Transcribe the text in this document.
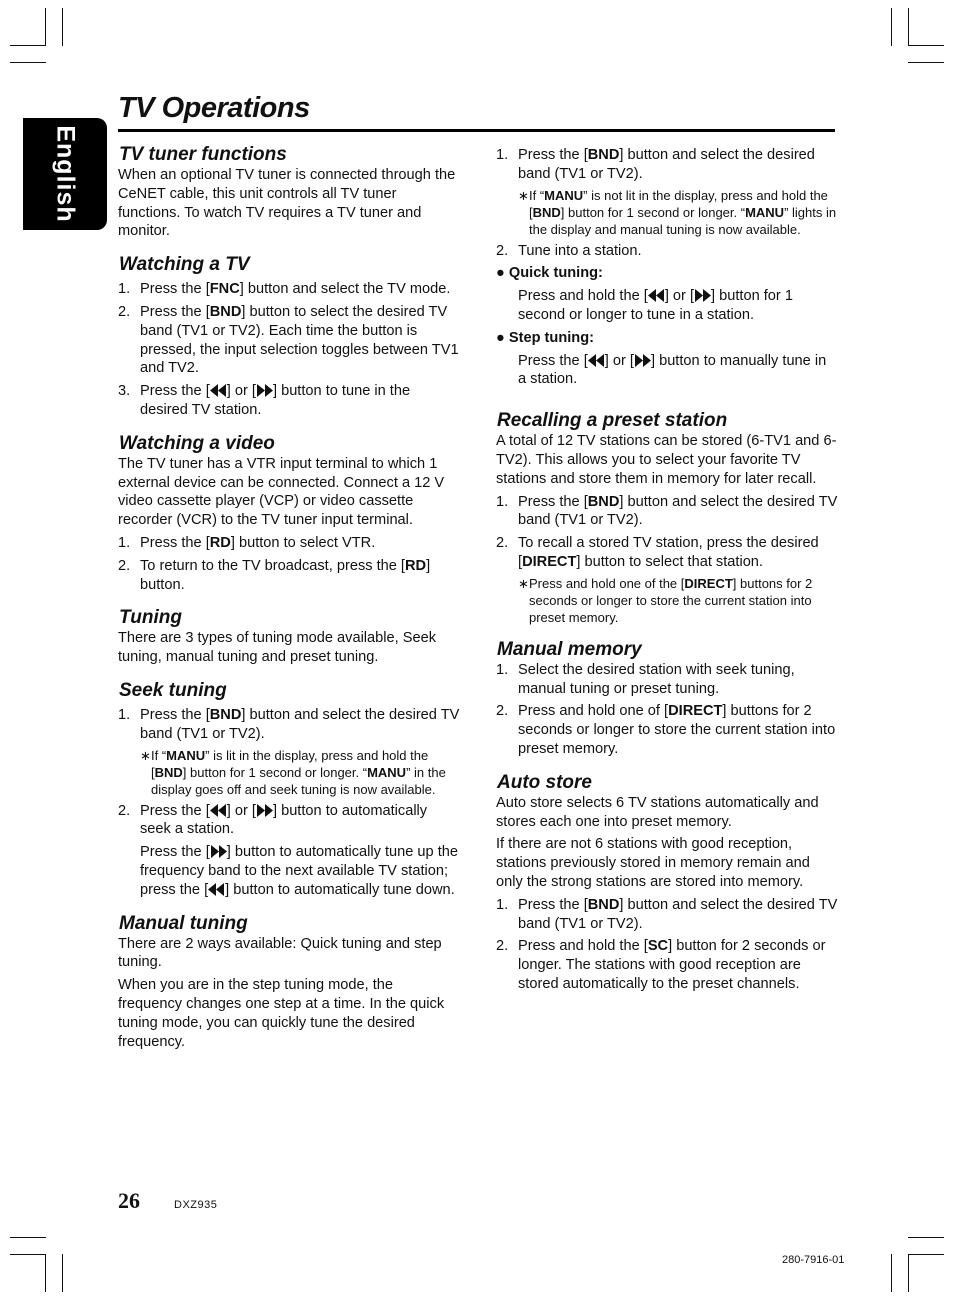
English
TV Operations
TV tuner functions

When an optional TV tuner is connected through the CeNET cable, this unit controls all TV tuner functions. To watch TV requires a TV tuner and monitor.

Watching a TV
1. Press the [FNC] button and select the TV mode.
2. Press the [BND] button to select the desired TV band (TV1 or TV2). Each time the button is pressed, the input selection toggles between TV1 and TV2.
3. Press the [ ] or [ ] button to tune in the desired TV station.
Watching a video

The TV tuner has a VTR input terminal to which 1 external device can be connected. Connect a 12 V video cassette player (VCP) or video cassette recorder (VCR) to the TV tuner input terminal.

1. Press the [RD] button to select VTR.
2. To return to the TV broadcast, press the [RD] button.
Tuning

There are 3 types of tuning mode available, Seek tuning, manual tuning and preset tuning.

Seek tuning
1. Press the [BND] button and select the desired TV band (TV1 or TV2).
∗ If “MANU” is lit in the display, press and hold the [BND] button for 1 second or longer. “MANU” in the display goes off and seek tuning is now available.
2. Press the [ ] or [ ] button to automatically seek a station.
Press the [ ] button to automatically tune up the frequency band to the next available TV station; press the [ ] button to automatically tune down.
Manual tuning

There are 2 ways available: Quick tuning and step tuning.

When you are in the step tuning mode, the frequency changes one step at a time. In the quick tuning mode, you can quickly tune the desired frequency.

1. Press the [BND] button and select the desired band (TV1 or TV2).
∗ If “MANU” is not lit in the display, press and hold the [BND] button for 1 second or longer. “MANU” lights in the display and manual tuning is now available.
2. Tune into a station.
● Quick tuning:
Press and hold the [ ] or [ ] button for 1 second or longer to tune in a station.
● Step tuning:
Press the [ ] or [ ] button to manually tune in a station.
Recalling a preset station

A total of 12 TV stations can be stored (6-TV1 and 6-TV2). This allows you to select your favorite TV stations and store them in memory for later recall.

1. Press the [BND] button and select the desired TV band (TV1 or TV2).
2. To recall a stored TV station, press the desired [DIRECT] button to select that station.
∗ Press and hold one of the [DIRECT] buttons for 2 seconds or longer to store the current station into preset memory.
Manual memory
1. Select the desired station with seek tuning, manual tuning or preset tuning.
2. Press and hold one of [DIRECT] buttons for 2 seconds or longer to store the current station into preset memory.
Auto store

Auto store selects 6 TV stations automatically and stores each one into preset memory.

If there are not 6 stations with good reception, stations previously stored in memory remain and only the strong stations are stored into memory.

1. Press the [BND] button and select the desired TV band (TV1 or TV2).
2. Press and hold the [SC] button for 2 seconds or longer. The stations with good reception are stored automatically to the preset channels.
26	DXZ935
280-7916-01
